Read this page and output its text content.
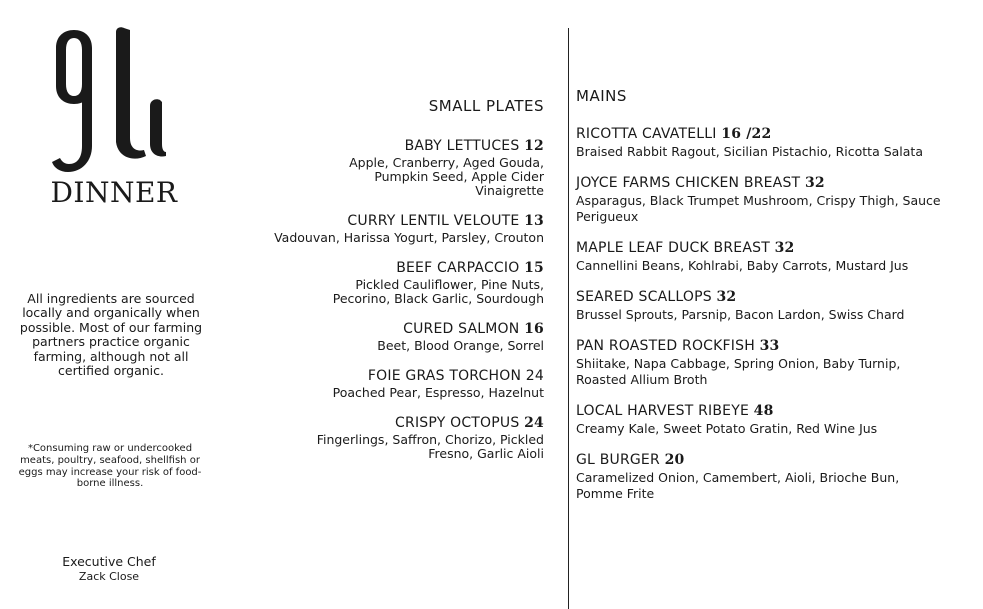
DINNER
All ingredients are sourced locally and organically when possible. Most of our farming partners practice organic farming, although not all certified organic.
*Consuming raw or undercooked meats, poultry, seafood, shellfish or eggs may increase your risk of food-borne illness.
Executive Chef
Zack Close
SMALL PLATES
BABY LETTUCES 12
Apple, Cranberry, Aged Gouda, Pumpkin Seed, Apple Cider Vinaigrette
CURRY LENTIL VELOUTE 13
Vadouvan, Harissa Yogurt, Parsley, Crouton
BEEF CARPACCIO 15
Pickled Cauliflower, Pine Nuts, Pecorino, Black Garlic, Sourdough
CURED SALMON 16
Beet, Blood Orange, Sorrel
FOIE GRAS TORCHON 24
Poached Pear, Espresso, Hazelnut
CRISPY OCTOPUS 24
Fingerlings, Saffron, Chorizo, Pickled Fresno, Garlic Aioli
MAINS
RICOTTA CAVATELLI 16 /22
Braised Rabbit Ragout, Sicilian Pistachio, Ricotta Salata
JOYCE FARMS CHICKEN BREAST 32
Asparagus, Black Trumpet Mushroom, Crispy Thigh, Sauce Perigueux
MAPLE LEAF DUCK BREAST 32
Cannellini Beans, Kohlrabi, Baby Carrots, Mustard Jus
SEARED SCALLOPS 32
Brussel Sprouts, Parsnip, Bacon Lardon, Swiss Chard
PAN ROASTED ROCKFISH 33
Shiitake, Napa Cabbage, Spring Onion, Baby Turnip, Roasted Allium Broth
LOCAL HARVEST RIBEYE 48
Creamy Kale, Sweet Potato Gratin, Red Wine Jus
GL BURGER 20
Caramelized Onion, Camembert, Aioli, Brioche Bun, Pomme Frite
